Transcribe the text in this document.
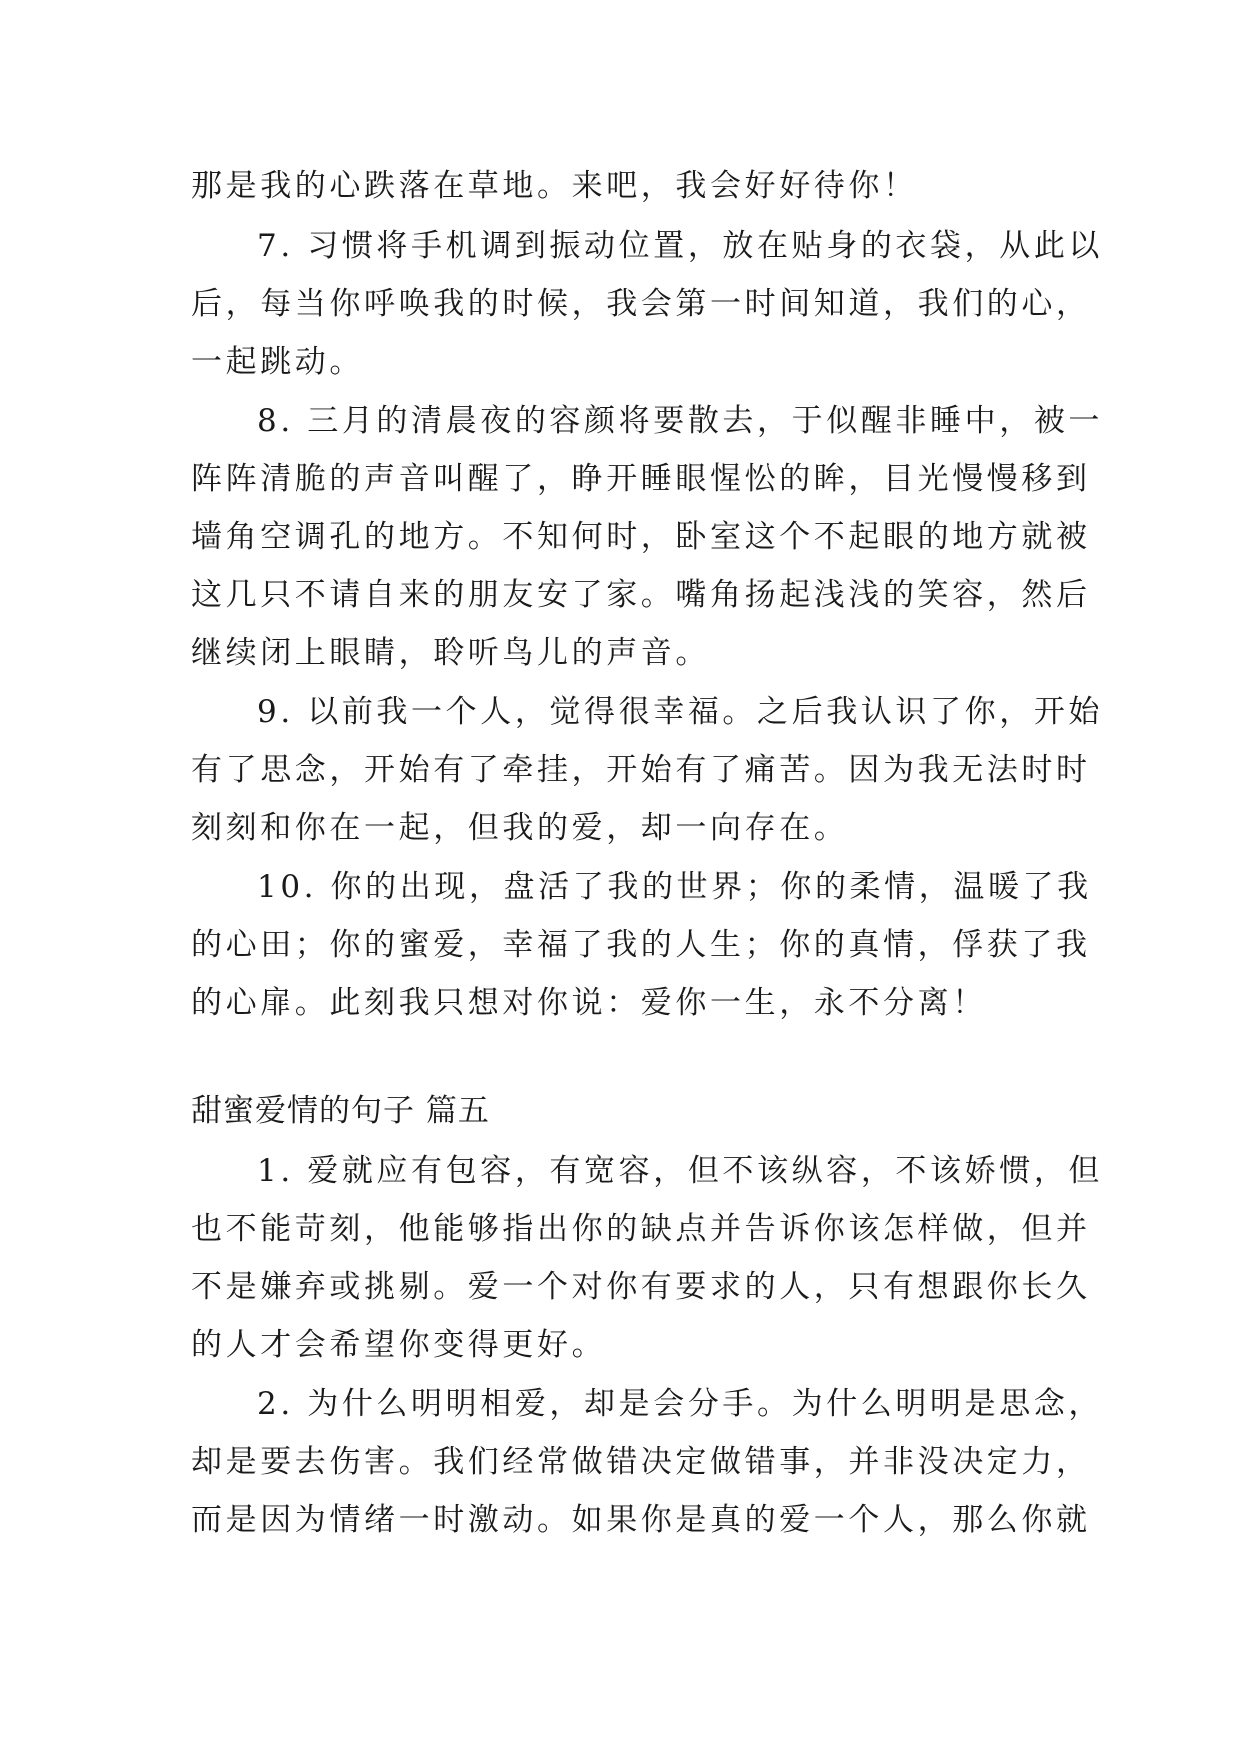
那是我的心跌落在草地。来吧，我会好好待你！
7. 习惯将手机调到振动位置，放在贴身的衣袋，从此以
后，每当你呼唤我的时候，我会第一时间知道，我们的心，
一起跳动。
8. 三月的清晨夜的容颜将要散去，于似醒非睡中，被一
阵阵清脆的声音叫醒了，睁开睡眼惺忪的眸，目光慢慢移到
墙角空调孔的地方。不知何时，卧室这个不起眼的地方就被
这几只不请自来的朋友安了家。嘴角扬起浅浅的笑容，然后
继续闭上眼睛，聆听鸟儿的声音。
9. 以前我一个人，觉得很幸福。之后我认识了你，开始
有了思念，开始有了牵挂，开始有了痛苦。因为我无法时时
刻刻和你在一起，但我的爱，却一向存在。
10. 你的出现，盘活了我的世界；你的柔情，温暖了我
的心田；你的蜜爱，幸福了我的人生；你的真情，俘获了我
的心扉。此刻我只想对你说：爱你一生，永不分离！
甜蜜爱情的句子 篇五
1. 爱就应有包容，有宽容，但不该纵容，不该娇惯，但
也不能苛刻，他能够指出你的缺点并告诉你该怎样做，但并
不是嫌弃或挑剔。爱一个对你有要求的人，只有想跟你长久
的人才会希望你变得更好。
2. 为什么明明相爱，却是会分手。为什么明明是思念，
却是要去伤害。我们经常做错决定做错事，并非没决定力，
而是因为情绪一时激动。如果你是真的爱一个人，那么你就
